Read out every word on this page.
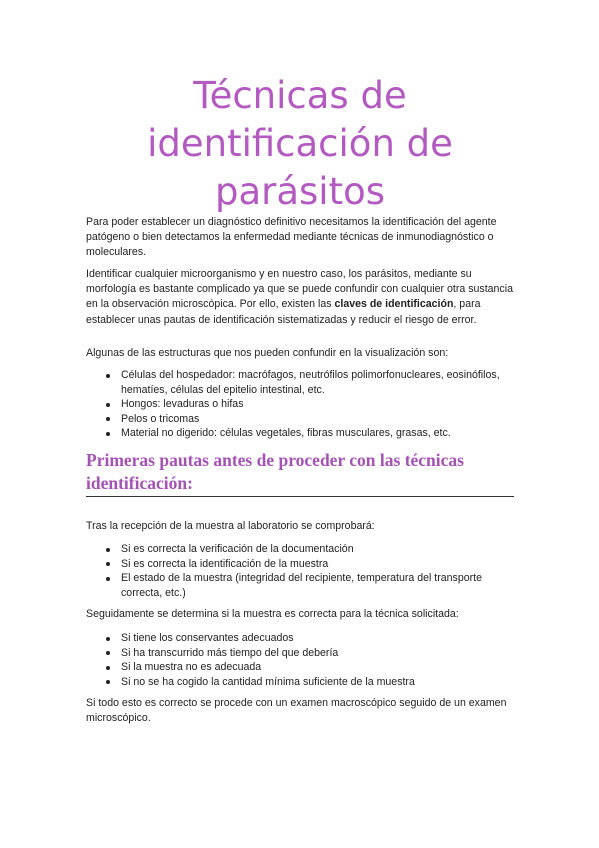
Técnicas de identificación de parásitos

Para poder establecer un diagnóstico definitivo necesitamos la identificación del agente patógeno o bien detectamos la enfermedad mediante técnicas de inmunodiagnóstico o moleculares.

Identificar cualquier microorganismo y en nuestro caso, los parásitos, mediante su morfología es bastante complicado ya que se puede confundir con cualquier otra sustancia en la observación microscópica. Por ello, existen las claves de identificación, para establecer unas pautas de identificación sistematizadas y reducir el riesgo de error.

Algunas de las estructuras que nos pueden confundir en la visualización son:

Células del hospedador: macrófagos, neutrófilos polimorfonucleares, eosinófilos, hematíes, células del epitelio intestinal, etc.
Hongos: levaduras o hifas
Pelos o tricomas
Material no digerido: células vegetales, fibras musculares, grasas, etc.
Primeras pautas antes de proceder con las técnicas identificación:

Tras la recepción de la muestra al laboratorio se comprobará:

Si es correcta la verificación de la documentación
Si es correcta la identificación de la muestra
El estado de la muestra (integridad del recipiente, temperatura del transporte correcta, etc.)

Seguidamente se determina si la muestra es correcta para la técnica solicitada:

Si tiene los conservantes adecuados
Si ha transcurrido más tiempo del que debería
Si la muestra no es adecuada
Si no se ha cogido la cantidad mínima suficiente de la muestra

Si todo esto es correcto se procede con un examen macroscópico seguido de un examen microscópico.
